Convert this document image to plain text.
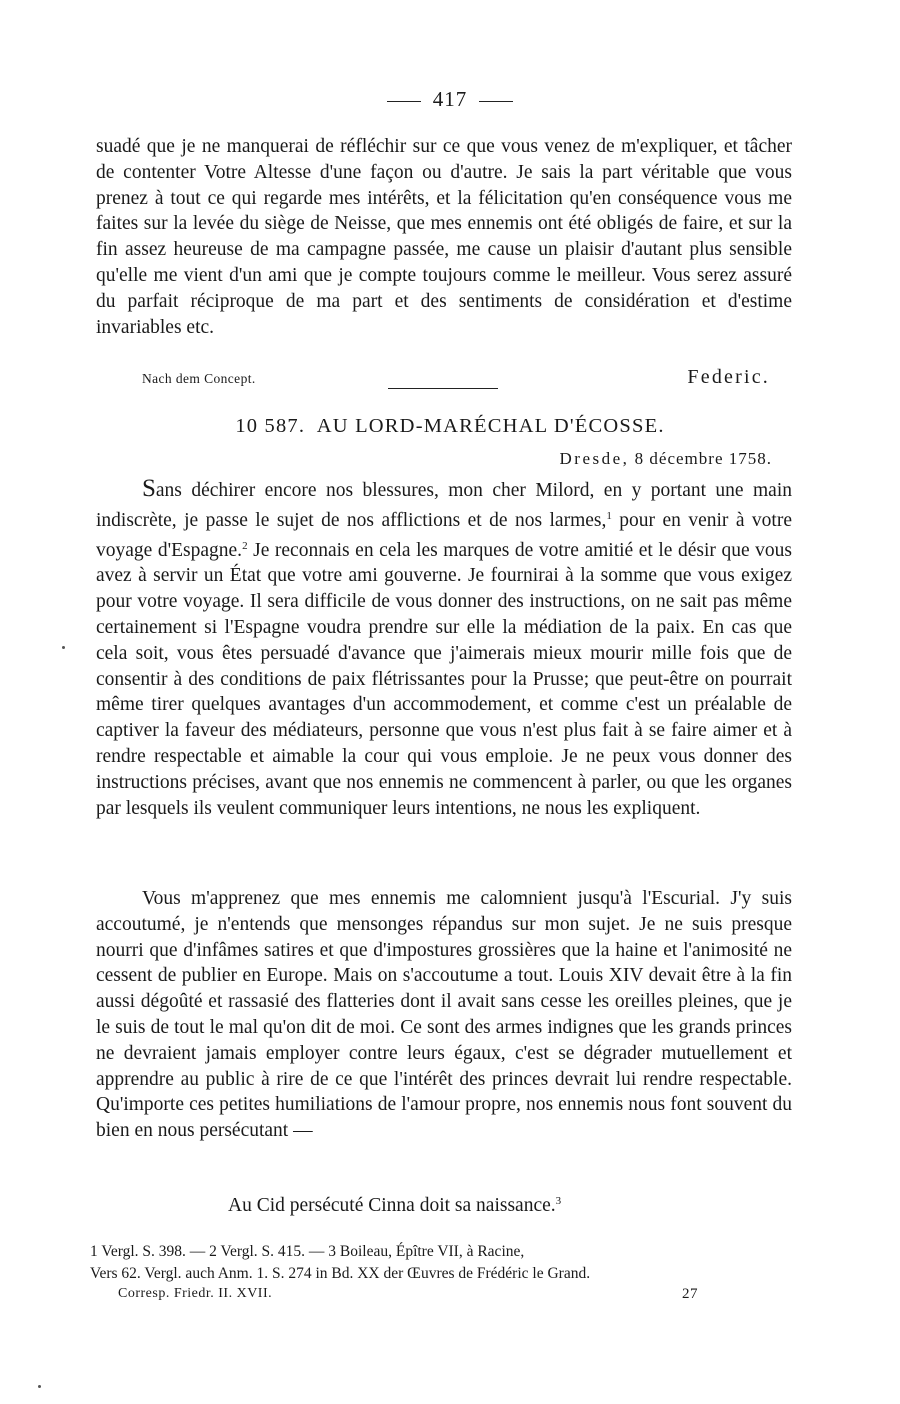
417

suadé que je ne manquerai de réfléchir sur ce que vous venez de m'expliquer, et tâcher de contenter Votre Altesse d'une façon ou d'autre. Je sais la part véritable que vous prenez à tout ce qui regarde mes intérêts, et la félicitation qu'en conséquence vous me faites sur la levée du siège de Neisse, que mes ennemis ont été obligés de faire, et sur la fin assez heureuse de ma campagne passée, me cause un plaisir d'autant plus sensible qu'elle me vient d'un ami que je compte toujours comme le meilleur. Vous serez assuré du parfait réciproque de ma part et des sentiments de considération et d'estime invariables etc.

Nach dem Concept.	Federic.
10 587. AU LORD-MARÉCHAL D'ÉCOSSE.
Dresde, 8 décembre 1758.

Sans déchirer encore nos blessures, mon cher Milord, en y portant une main indiscrète, je passe le sujet de nos afflictions et de nos larmes,$^1$ pour en venir à votre voyage d'Espagne.$^2$ Je reconnais en cela les marques de votre amitié et le désir que vous avez à servir un État que votre ami gouverne. Je fournirai à la somme que vous exigez pour votre voyage. Il sera difficile de vous donner des instructions, on ne sait pas même certainement si l'Espagne voudra prendre sur elle la médiation de la paix. En cas que cela soit, vous êtes persuadé d'avance que j'aimerais mieux mourir mille fois que de consentir à des conditions de paix flétrissantes pour la Prusse; que peut-être on pourrait même tirer quelques avantages d'un accommodement, et comme c'est un préalable de captiver la faveur des médiateurs, personne que vous n'est plus fait à se faire aimer et à rendre respectable et aimable la cour qui vous emploie. Je ne peux vous donner des instructions précises, avant que nos ennemis ne commencent à parler, ou que les organes par lesquels ils veulent communiquer leurs intentions, ne nous les expliquent.

Vous m'apprenez que mes ennemis me calomnient jusqu'à l'Escurial. J'y suis accoutumé, je n'entends que mensonges répandus sur mon sujet. Je ne suis presque nourri que d'infâmes satires et que d'impostures grossières que la haine et l'animosité ne cessent de publier en Europe. Mais on s'accoutume a tout. Louis XIV devait être à la fin aussi dégoûté et rassasié des flatteries dont il avait sans cesse les oreilles pleines, que je le suis de tout le mal qu'on dit de moi. Ce sont des armes indignes que les grands princes ne devraient jamais employer contre leurs égaux, c'est se dégrader mutuellement et apprendre au public à rire de ce que l'intérêt des princes devrait lui rendre respectable. Qu'importe ces petites humiliations de l'amour propre, nos ennemis nous font souvent du bien en nous persécutant —

Au Cid persécuté Cinna doit sa naissance.$^3$
1 Vergl. S. 398. — 2 Vergl. S. 415. — 3 Boileau, Épître VII, à Racine,
Vers 62. Vergl. auch Anm. 1. S. 274 in Bd. XX der Œuvres de Frédéric le Grand.
Corresp. Friedr. II. XVII.	27
